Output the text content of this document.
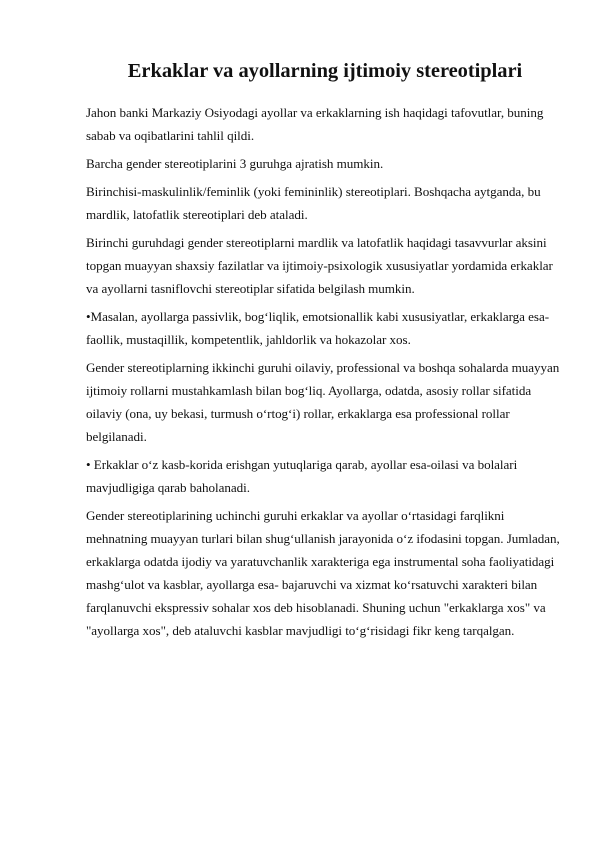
Erkaklar va ayollarning ijtimoiy stereotiplari

Jahon banki Markaziy Osiyodagi ayollar va erkaklarning ish haqidagi tafovutlar, buning sabab va oqibatlarini tahlil qildi.

Barcha gender stereotiplarini 3 guruhga ajratish mumkin.

Birinchisi-maskulinlik/feminlik (yoki femininlik) stereotiplari. Boshqacha aytganda, bu mardlik, latofatlik stereotiplari deb ataladi.

Birinchi guruhdagi gender stereotiplarni mardlik va latofatlik haqidagi tasavvurlar aksini topgan muayyan shaxsiy fazilatlar va ijtimoiy-psixologik xususiyatlar yordamida erkaklar va ayollarni tasniflovchi stereotiplar sifatida belgilash mumkin.

•Masalan, ayollarga passivlik, bog‘liqlik, emotsionallik kabi xususiyatlar, erkaklarga esa-faollik, mustaqillik, kompetentlik, jahldorlik va hokazolar xos.

Gender stereotiplarning ikkinchi guruhi oilaviy, professional va boshqa sohalarda muayyan ijtimoiy rollarni mustahkamlash bilan bog‘liq. Ayollarga, odatda, asosiy rollar sifatida oilaviy (ona, uy bekasi, turmush o‘rtog‘i) rollar, erkaklarga esa professional rollar belgilanadi.

• Erkaklar o‘z kasb-korida erishgan yutuqlariga qarab, ayollar esa-oilasi va bolalari mavjudligiga qarab baholanadi.

Gender stereotiplarining uchinchi guruhi erkaklar va ayollar o‘rtasidagi farqlikni mehnatning muayyan turlari bilan shug‘ullanish jarayonida o‘z ifodasini topgan. Jumladan, erkaklarga odatda ijodiy va yaratuvchanlik xarakteriga ega instrumental soha faoliyatidagi mashg‘ulot va kasblar, ayollarga esa- bajaruvchi va xizmat ko‘rsatuvchi xarakteri bilan farqlanuvchi ekspressiv sohalar xos deb hisoblanadi. Shuning uchun "erkaklarga xos" va "ayollarga xos", deb ataluvchi kasblar mavjudligi to‘g‘risidagi fikr keng tarqalgan.
